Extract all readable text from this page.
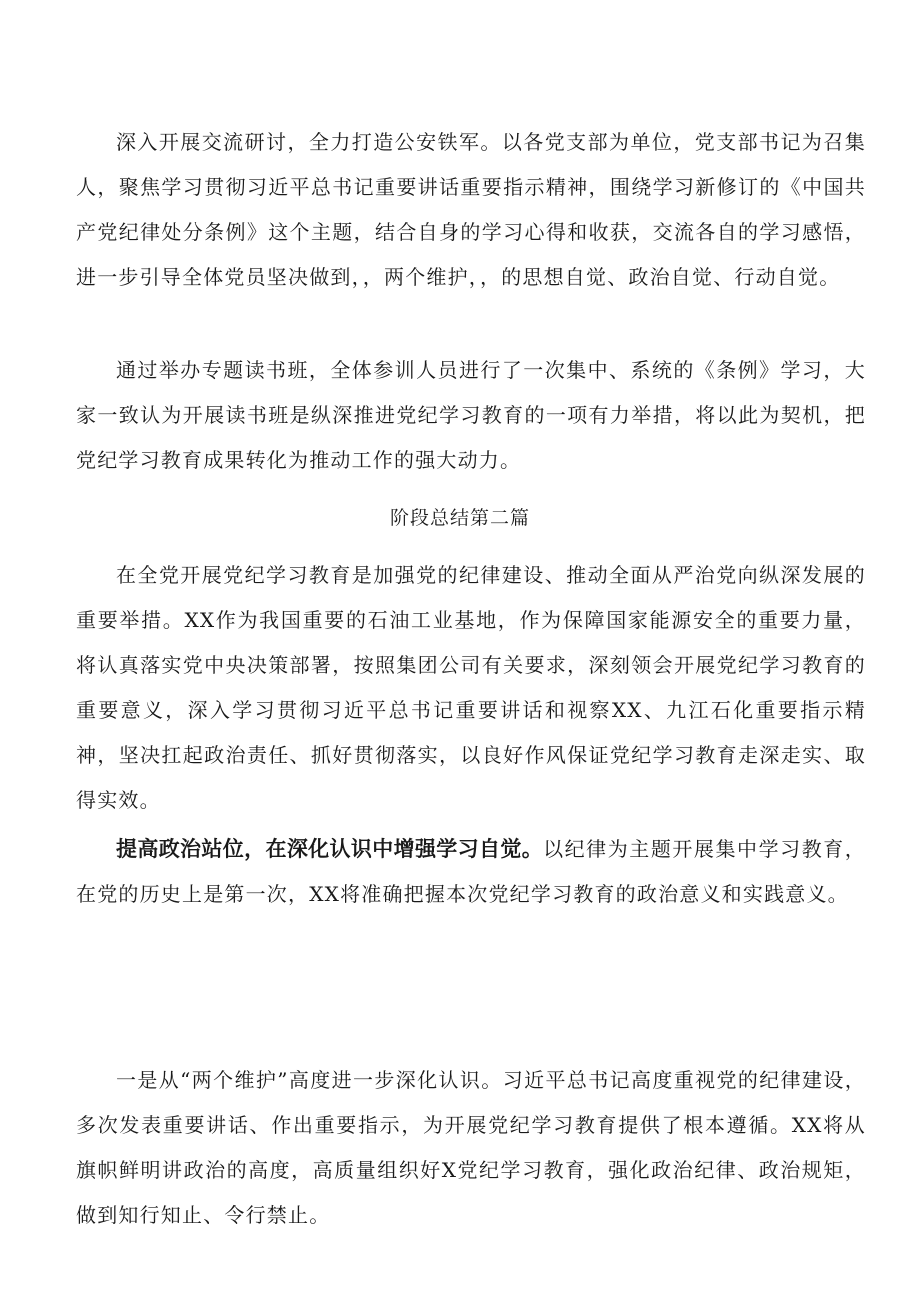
深入开展交流研讨，全力打造公安铁军。以各党支部为单位，党支部书记为召集人，聚焦学习贯彻习近平总书记重要讲话重要指示精神，围绕学习新修订的《中国共产党纪律处分条例》这个主题，结合自身的学习心得和收获，交流各自的学习感悟，进一步引导全体党员坚决做到，，两个维护，，的思想自觉、政治自觉、行动自觉。

通过举办专题读书班，全体参训人员进行了一次集中、系统的《条例》学习，大家一致认为开展读书班是纵深推进党纪学习教育的一项有力举措，将以此为契机，把党纪学习教育成果转化为推动工作的强大动力。

阶段总结第二篇

在全党开展党纪学习教育是加强党的纪律建设、推动全面从严治党向纵深发展的重要举措。XX作为我国重要的石油工业基地，作为保障国家能源安全的重要力量，将认真落实党中央决策部署，按照集团公司有关要求，深刻领会开展党纪学习教育的重要意义，深入学习贯彻习近平总书记重要讲话和视察XX、九江石化重要指示精神，坚决扛起政治责任、抓好贯彻落实，以良好作风保证党纪学习教育走深走实、取得实效。

提高政治站位，在深化认识中增强学习自觉。以纪律为主题开展集中学习教育，在党的历史上是第一次，XX将准确把握本次党纪学习教育的政治意义和实践意义。

一是从“两个维护”高度进一步深化认识。习近平总书记高度重视党的纪律建设，多次发表重要讲话、作出重要指示，为开展党纪学习教育提供了根本遵循。XX将从旗帜鲜明讲政治的高度，高质量组织好X党纪学习教育，强化政治纪律、政治规矩，做到知行知止、令行禁止。
